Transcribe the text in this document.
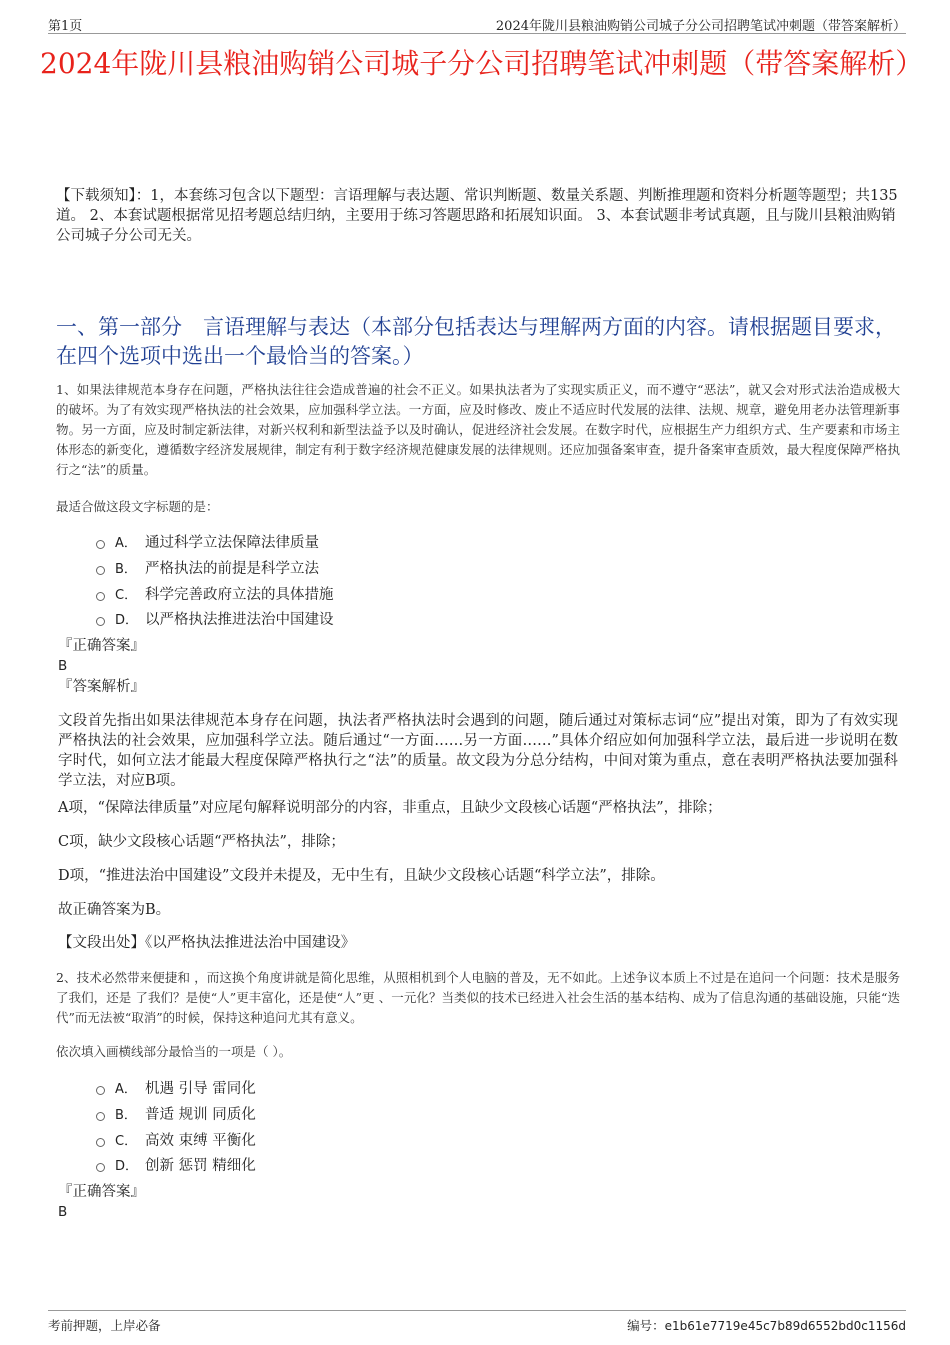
第1页	2024年陇川县粮油购销公司城子分公司招聘笔试冲刺题（带答案解析）
2024年陇川县粮油购销公司城子分公司招聘笔试冲刺题（带答案解析）
【下载须知】：1，本套练习包含以下题型：言语理解与表达题、常识判断题、数量关系题、判断推理题和资料分析题等题型；共135道。 2、本套试题根据常见招考题总结归纳，主要用于练习答题思路和拓展知识面。 3、本套试题非考试真题，且与陇川县粮油购销公司城子分公司无关。
一、第一部分　言语理解与表达（本部分包括表达与理解两方面的内容。请根据题目要求，在四个选项中选出一个最恰当的答案。）
1、如果法律规范本身存在问题，严格执法往往会造成普遍的社会不正义。如果执法者为了实现实质正义，而不遵守“恶法”，就又会对形式法治造成极大的破坏。为了有效实现严格执法的社会效果，应加强科学立法。一方面，应及时修改、废止不适应时代发展的法律、法规、规章，避免用老办法管理新事物。另一方面，应及时制定新法律，对新兴权利和新型法益予以及时确认，促进经济社会发展。在数字时代，应根据生产力组织方式、生产要素和市场主体形态的新变化，遵循数字经济发展规律，制定有利于数字经济规范健康发展的法律规则。还应加强备案审查，提升备案审查质效，最大程度保障严格执行之“法”的质量。
最适合做这段文字标题的是：
A． 通过科学立法保障法律质量
B． 严格执法的前提是科学立法
C． 科学完善政府立法的具体措施
D． 以严格执法推进法治中国建设
『正确答案』
B
『答案解析』
文段首先指出如果法律规范本身存在问题，执法者严格执法时会遇到的问题，随后通过对策标志词“应”提出对策，即为了有效实现严格执法的社会效果，应加强科学立法。随后通过“一方面……另一方面……”具体介绍应如何加强科学立法，最后进一步说明在数字时代，如何立法才能最大程度保障严格执行之“法”的质量。故文段为分总分结构，中间对策为重点，意在表明严格执法要加强科学立法，对应B项。
A项，“保障法律质量”对应尾句解释说明部分的内容，非重点，且缺少文段核心话题“严格执法”，排除；
C项，缺少文段核心话题“严格执法”，排除；
D项，“推进法治中国建设”文段并未提及，无中生有，且缺少文段核心话题“科学立法”，排除。
故正确答案为B。
【文段出处】《以严格执法推进法治中国建设》
2、技术必然带来便捷和 ，而这换个角度讲就是简化思维，从照相机到个人电脑的普及，无不如此。上述争议本质上不过是在追问一个问题：技术是服务了我们，还是 了我们？是使“人”更丰富化，还是使“人”更 、一元化？当类似的技术已经进入社会生活的基本结构、成为了信息沟通的基础设施，只能“迭代”而无法被“取消”的时候，保持这种追问尤其有意义。
依次填入画横线部分最恰当的一项是（ ）。
A． 机遇 引导 雷同化
B． 普适 规训 同质化
C． 高效 束缚 平衡化
D． 创新 惩罚 精细化
『正确答案』
B
考前押题，上岸必备	编号：e1b61e7719e45c7b89d6552bd0c1156d
